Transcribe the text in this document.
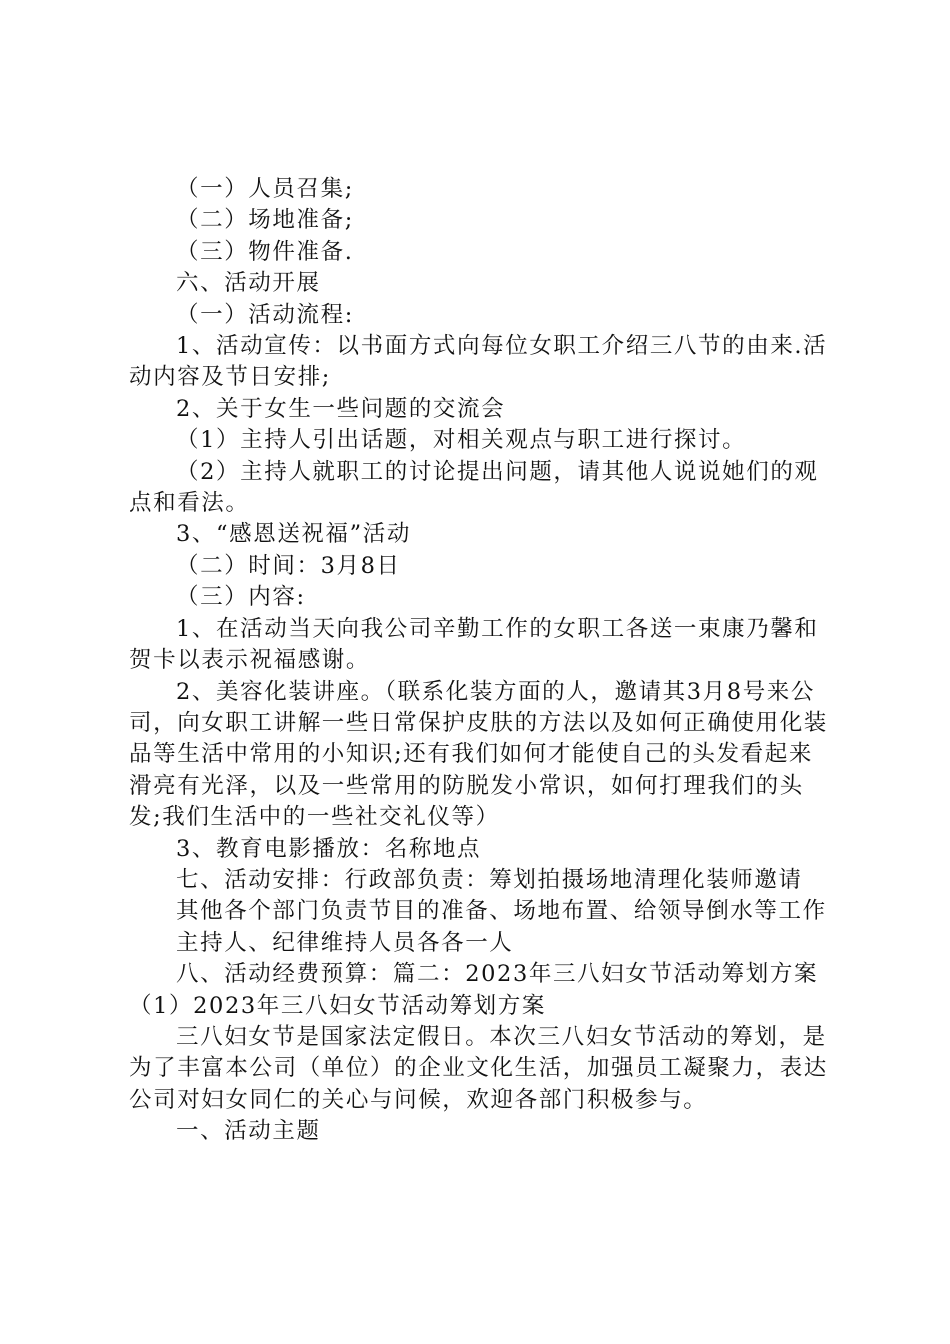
（一）人员召集;

（二）场地准备;

（三）物件准备.

六、活动开展

（一）活动流程:

1、活动宣传：以书面方式向每位女职工介绍三八节的由来.活动内容及节日安排;

2、关于女生一些问题的交流会

（1）主持人引出话题，对相关观点与职工进行探讨。

（2）主持人就职工的讨论提出问题，请其他人说说她们的观点和看法。

3、“感恩送祝福”活动

（二）时间：3月8日

（三）内容:

1、在活动当天向我公司辛勤工作的女职工各送一束康乃馨和贺卡以表示祝福感谢。

2、美容化装讲座。（联系化装方面的人，邀请其3月8号来公司，向女职工讲解一些日常保护皮肤的方法以及如何正确使用化装品等生活中常用的小知识;还有我们如何才能使自己的头发看起来滑亮有光泽，以及一些常用的防脱发小常识，如何打理我们的头发;我们生活中的一些社交礼仪等）

3、教育电影播放：名称地点

七、活动安排：行政部负责：筹划拍摄场地清理化装师邀请

其他各个部门负责节目的准备、场地布置、给领导倒水等工作

主持人、纪律维持人员各各一人

八、活动经费预算：篇二：2023年三八妇女节活动筹划方案（1）2023年三八妇女节活动筹划方案

三八妇女节是国家法定假日。本次三八妇女节活动的筹划，是为了丰富本公司（单位）的企业文化生活，加强员工凝聚力，表达公司对妇女同仁的关心与问候，欢迎各部门积极参与。

一、活动主题
